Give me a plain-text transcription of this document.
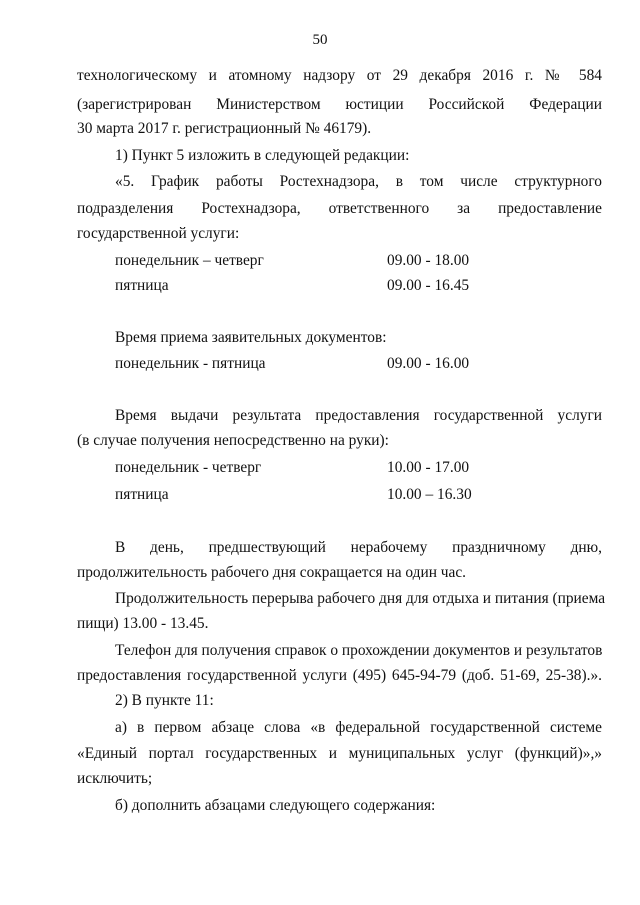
50
технологическому и атомному надзору от 29 декабря 2016 г. № 584
(зарегистрирован Министерством юстиции Российской Федерации
30 марта 2017 г. регистрационный № 46179).
1) Пункт 5 изложить в следующей редакции:
«5. График работы Ростехнадзора, в том числе структурного
подразделения Ростехнадзора, ответственного за предоставление
государственной услуги:
понедельник – четверг	09.00 - 18.00
пятница	09.00 - 16.45
Время приема заявительных документов:
понедельник - пятница	09.00 - 16.00
Время выдачи результата предоставления государственной услуги
(в случае получения непосредственно на руки):
понедельник - четверг	10.00 - 17.00
пятница	10.00 – 16.30
В день, предшествующий нерабочему праздничному дню,
продолжительность рабочего дня сокращается на один час.
Продолжительность перерыва рабочего дня для отдыха и питания (приема
пищи) 13.00 - 13.45.
Телефон для получения справок о прохождении документов и результатов
предоставления государственной услуги (495) 645-94-79 (доб. 51-69, 25-38).».
2) В пункте 11:
а) в первом абзаце слова «в федеральной государственной системе
«Единый портал государственных и муниципальных услуг (функций)»,»
исключить;
б) дополнить абзацами следующего содержания:
